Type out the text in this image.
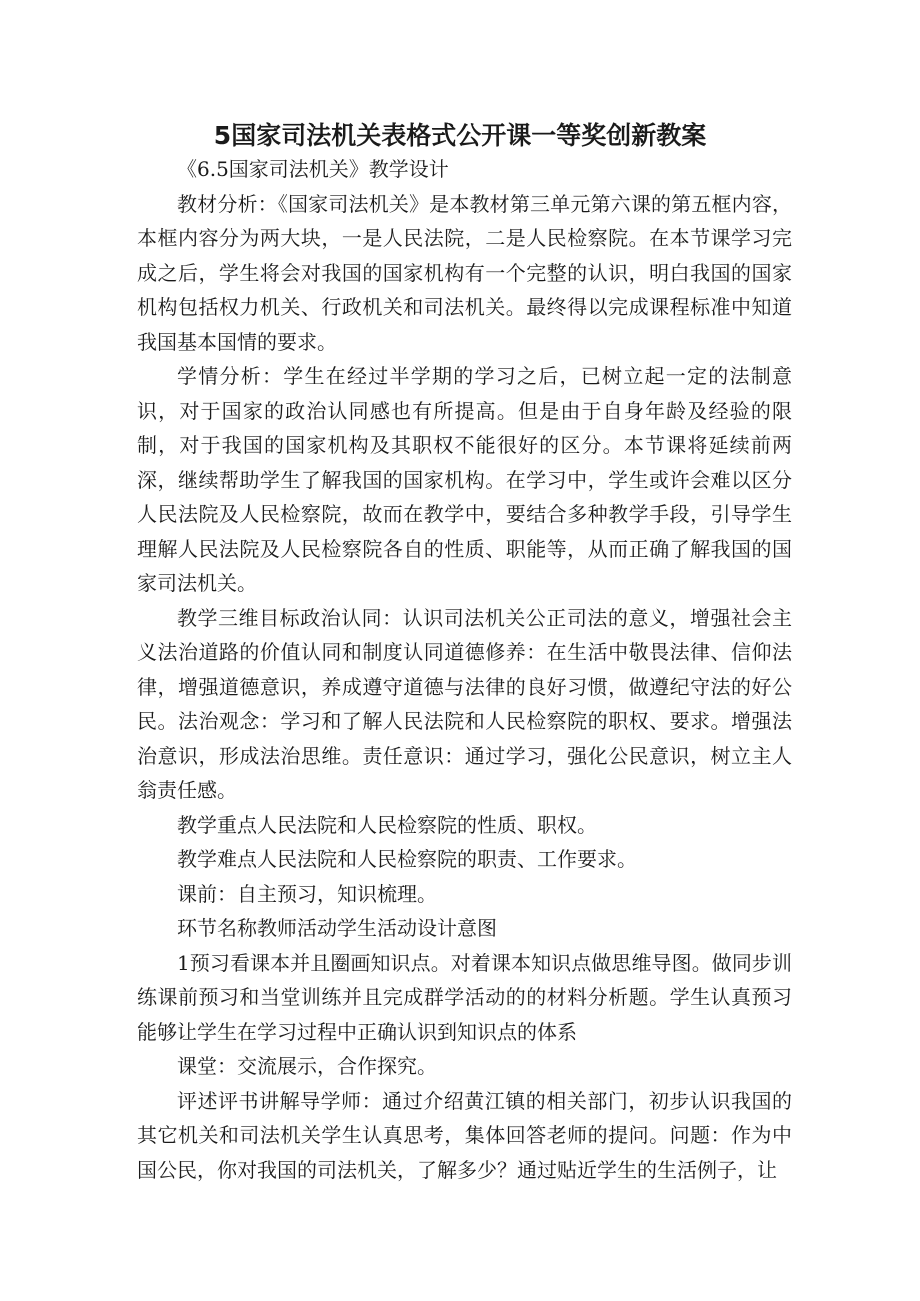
5国家司法机关表格式公开课一等奖创新教案

《6.5国家司法机关》教学设计

教材分析：《国家司法机关》是本教材第三单元第六课的第五框内容，本框内容分为两大块，一是人民法院，二是人民检察院。在本节课学习完成之后，学生将会对我国的国家机构有一个完整的认识，明白我国的国家机构包括权力机关、行政机关和司法机关。最终得以完成课程标准中知道我国基本国情的要求。

学情分析：学生在经过半学期的学习之后，已树立起一定的法制意识，对于国家的政治认同感也有所提高。但是由于自身年龄及经验的限制，对于我国的国家机构及其职权不能很好的区分。本节课将延续前两深，继续帮助学生了解我国的国家机构。在学习中，学生或许会难以区分人民法院及人民检察院，故而在教学中，要结合多种教学手段，引导学生理解人民法院及人民检察院各自的性质、职能等，从而正确了解我国的国家司法机关。

教学三维目标政治认同：认识司法机关公正司法的意义，增强社会主义法治道路的价值认同和制度认同道德修养：在生活中敬畏法律、信仰法律，增强道德意识，养成遵守道德与法律的良好习惯，做遵纪守法的好公民。法治观念：学习和了解人民法院和人民检察院的职权、要求。增强法治意识，形成法治思维。责任意识：通过学习，强化公民意识，树立主人翁责任感。

教学重点人民法院和人民检察院的性质、职权。

教学难点人民法院和人民检察院的职责、工作要求。

课前：自主预习，知识梳理。

环节名称教师活动学生活动设计意图

1预习看课本并且圈画知识点。对着课本知识点做思维导图。做同步训练课前预习和当堂训练并且完成群学活动的的材料分析题。学生认真预习能够让学生在学习过程中正确认识到知识点的体系

课堂：交流展示，合作探究。

评述评书讲解导学师：通过介绍黄江镇的相关部门，初步认识我国的其它机关和司法机关学生认真思考，集体回答老师的提问。问题：作为中国公民，你对我国的司法机关，了解多少？通过贴近学生的生活例子，让
